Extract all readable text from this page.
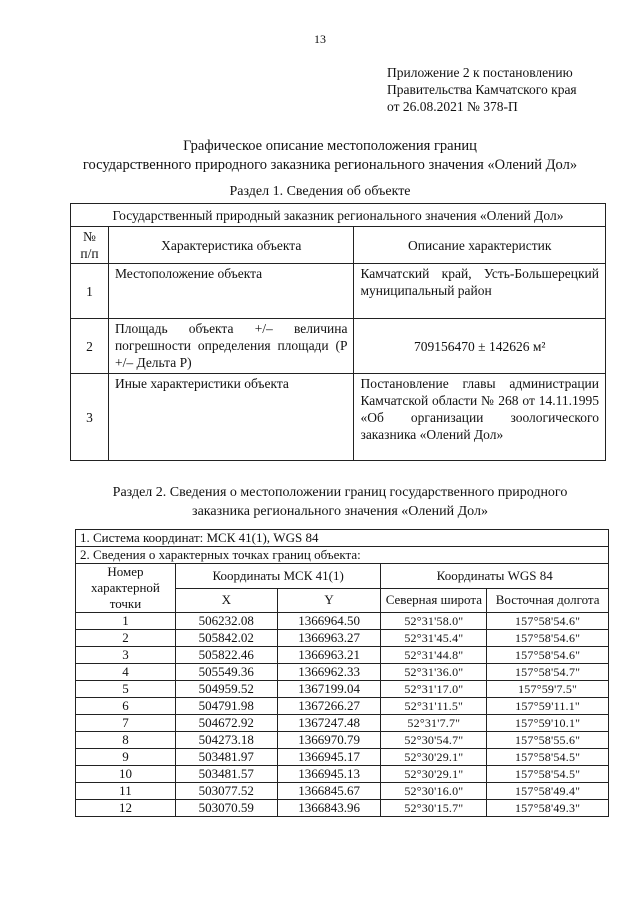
13
Приложение 2 к постановлению
Правительства Камчатского края
от 26.08.2021 № 378-П
Графическое описание местоположения границ
государственного природного заказника регионального значения «Олений Дол»
Раздел 1. Сведения об объекте
Государственный природный заказник регионального значения «Олений Дол»		
№ п/п	Характеристика объекта	Описание характеристик
1	Местоположение объекта	Камчатский край, Усть-Большерецкий муниципальный район
2	Площадь объекта +/– величина погрешности определения площади (P +/– Дельта P)	709156470 ± 142626 м²
3	Иные характеристики объекта	Постановление главы администрации Камчатской области № 268 от 14.11.1995 «Об организации зоологического заказника «Олений Дол»
Раздел 2. Сведения о местоположении границ государственного природного
заказника регионального значения «Олений Дол»
1. Система координат: МСК 41(1), WGS 84				
2. Сведения о характерных точках границ объекта:				
Номер характерной точки	Координаты МСК 41(1)		Координаты WGS 84	
	X	Y	Северная широта	Восточная долгота
1	506232.08	1366964.50	52°31'58.0"	157°58'54.6"
2	505842.02	1366963.27	52°31'45.4"	157°58'54.6"
3	505822.46	1366963.21	52°31'44.8"	157°58'54.6"
4	505549.36	1366962.33	52°31'36.0"	157°58'54.7"
5	504959.52	1367199.04	52°31'17.0"	157°59'7.5"
6	504791.98	1367266.27	52°31'11.5"	157°59'11.1"
7	504672.92	1367247.48	52°31'7.7"	157°59'10.1"
8	504273.18	1366970.79	52°30'54.7"	157°58'55.6"
9	503481.97	1366945.17	52°30'29.1"	157°58'54.5"
10	503481.57	1366945.13	52°30'29.1"	157°58'54.5"
11	503077.52	1366845.67	52°30'16.0"	157°58'49.4"
12	503070.59	1366843.96	52°30'15.7"	157°58'49.3"
